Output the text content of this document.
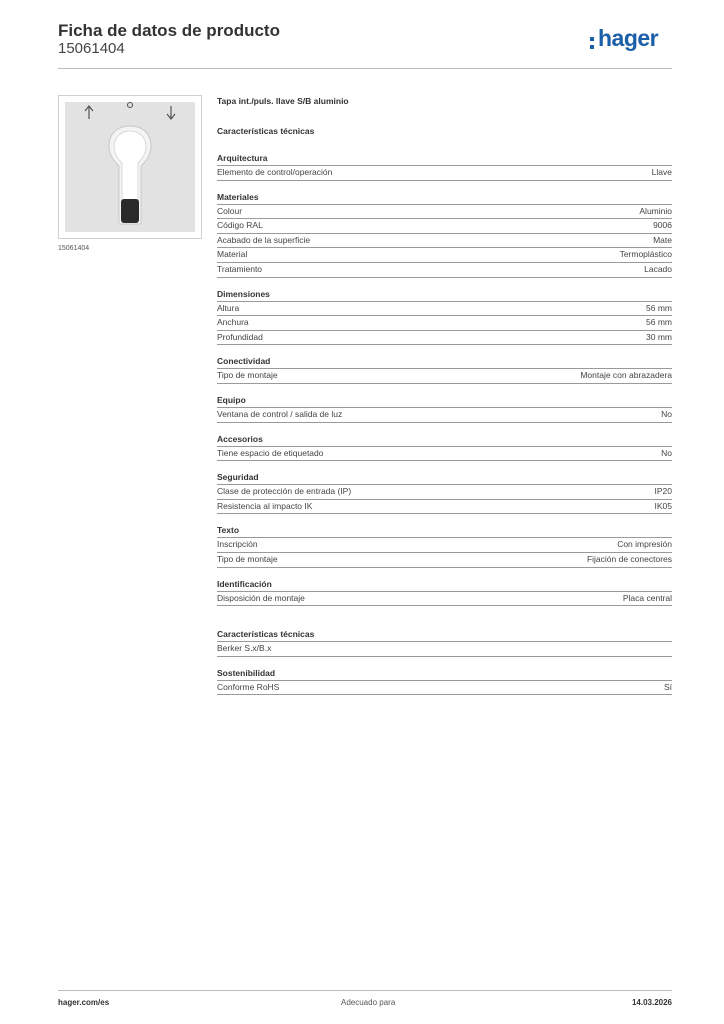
Ficha de datos de producto
15061404	hager
15061404
Tapa int./puls. llave S/B aluminio
Características técnicas
Arquitectura
Elemento de control/operación	Llave
Materiales
Colour	Aluminio
Código RAL	9006
Acabado de la superficie	Mate
Material	Termoplástico
Tratamiento	Lacado
Dimensiones
Altura	56 mm
Anchura	56 mm
Profundidad	30 mm
Conectividad
Tipo de montaje	Montaje con abrazadera
Equipo
Ventana de control / salida de luz	No
Accesorios
Tiene espacio de etiquetado	No
Seguridad
Clase de protección de entrada (IP)	IP20
Resistencia al impacto IK	IK05
Texto
Inscripción	Con impresión
Tipo de montaje	Fijación de conectores
Identificación
Disposición de montaje	Placa central
Características técnicas
Berker S.x/B.x
Sostenibilidad
Conforme RoHS	Sí
hager.com/es	Adecuado para	14.03.2026
